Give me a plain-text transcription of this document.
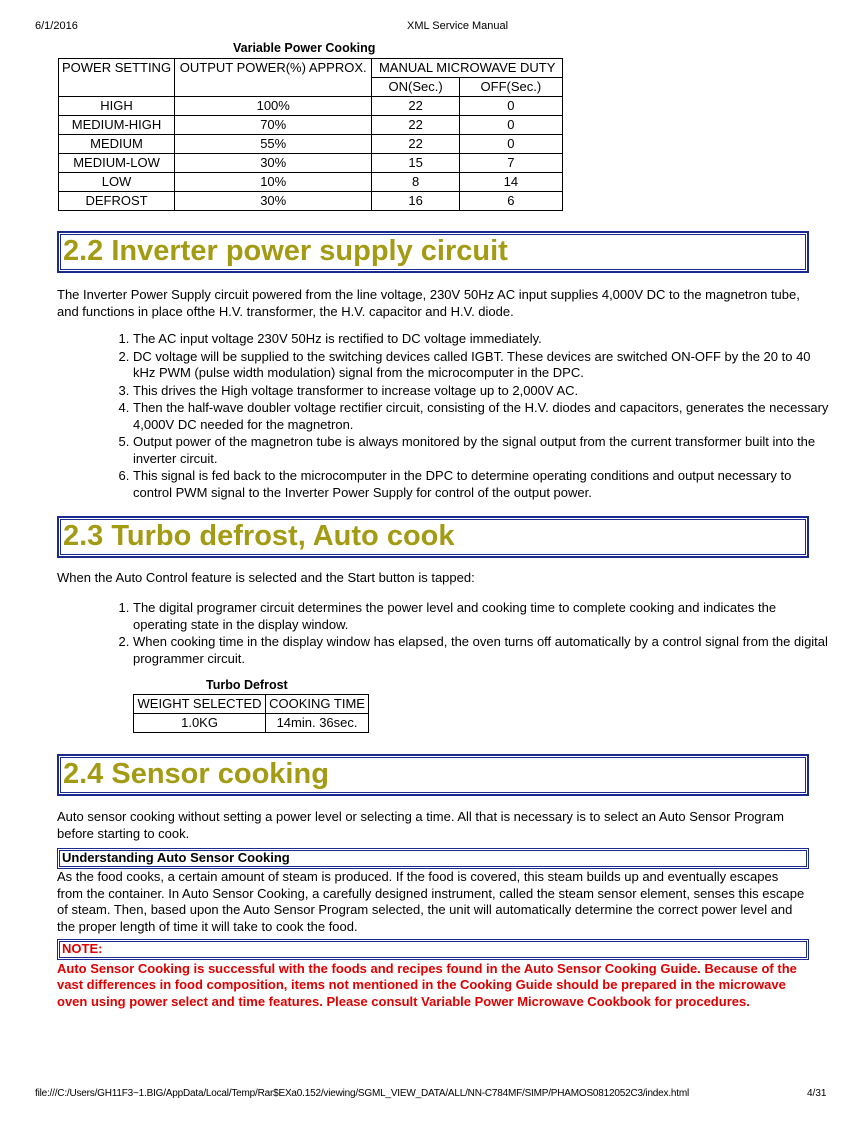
6/1/2016	XML Service Manual
Variable Power Cooking
POWER SETTING	OUTPUT POWER(%) APPROX.	MANUAL MICROWAVE DUTY	
		ON(Sec.)	OFF(Sec.)
HIGH	100%	22	0
MEDIUM-HIGH	70%	22	0
MEDIUM	55%	22	0
MEDIUM-LOW	30%	15	7
LOW	10%	8	14
DEFROST	30%	16	6
2.2 Inverter power supply circuit

The Inverter Power Supply circuit powered from the line voltage, 230V 50Hz AC input supplies 4,000V DC to the magnetron tube, and functions in place ofthe H.V. transformer, the H.V. capacitor and H.V. diode.

1. The AC input voltage 230V 50Hz is rectified to DC voltage immediately.
2. DC voltage will be supplied to the switching devices called IGBT. These devices are switched ON-OFF by the 20 to 40 kHz PWM (pulse width modulation) signal from the microcomputer in the DPC.
3. This drives the High voltage transformer to increase voltage up to 2,000V AC.
4. Then the half-wave doubler voltage rectifier circuit, consisting of the H.V. diodes and capacitors, generates the necessary 4,000V DC needed for the magnetron.
5. Output power of the magnetron tube is always monitored by the signal output from the current transformer built into the inverter circuit.
6. This signal is fed back to the microcomputer in the DPC to determine operating conditions and output necessary to control PWM signal to the Inverter Power Supply for control of the output power.
2.3 Turbo defrost, Auto cook

When the Auto Control feature is selected and the Start button is tapped:

1. The digital programer circuit determines the power level and cooking time to complete cooking and indicates the operating state in the display window.
2. When cooking time in the display window has elapsed, the oven turns off automatically by a control signal from the digital programmer circuit.
Turbo Defrost
WEIGHT SELECTED	COOKING TIME
1.0KG	14min. 36sec.
2.4 Sensor cooking

Auto sensor cooking without setting a power level or selecting a time. All that is necessary is to select an Auto Sensor Program before starting to cook.

Understanding Auto Sensor Cooking

As the food cooks, a certain amount of steam is produced. If the food is covered, this steam builds up and eventually escapes from the container. In Auto Sensor Cooking, a carefully designed instrument, called the steam sensor element, senses this escape of steam. Then, based upon the Auto Sensor Program selected, the unit will automatically determine the correct power level and the proper length of time it will take to cook the food.

NOTE:

Auto Sensor Cooking is successful with the foods and recipes found in the Auto Sensor Cooking Guide. Because of the vast differences in food composition, items not mentioned in the Cooking Guide should be prepared in the microwave oven using power select and time features. Please consult Variable Power Microwave Cookbook for procedures.

file:///C:/Users/GH11F3~1.BIG/AppData/Local/Temp/Rar$EXa0.152/viewing/SGML_VIEW_DATA/ALL/NN-C784MF/SIMP/PHAMOS0812052C3/index.html	4/31
